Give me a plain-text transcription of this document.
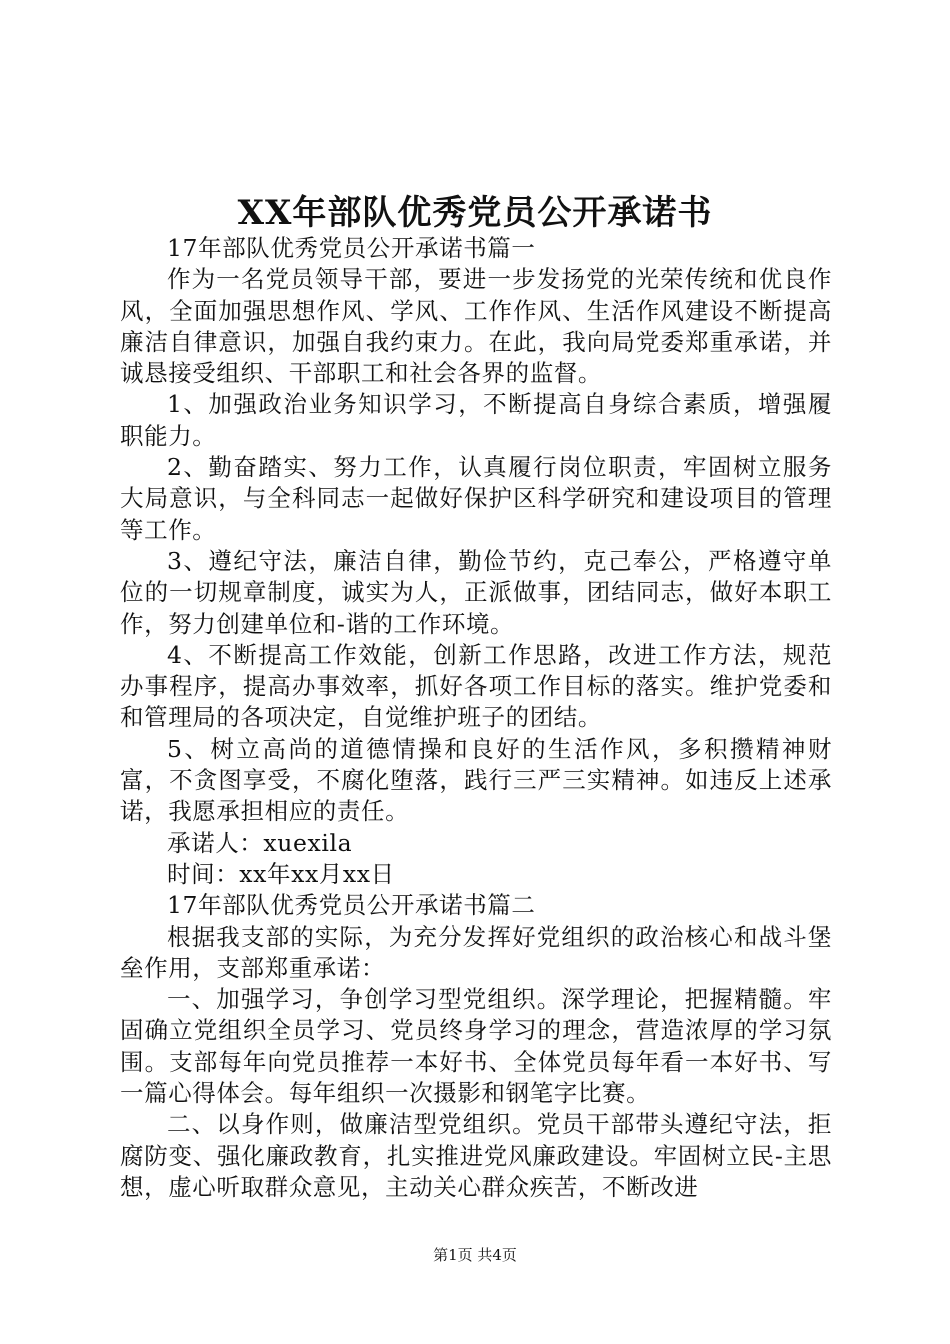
XX年部队优秀党员公开承诺书

17年部队优秀党员公开承诺书篇一

作为一名党员领导干部，要进一步发扬党的光荣传统和优良作风，全面加强思想作风、学风、工作作风、生活作风建设不断提高廉洁自律意识，加强自我约束力。在此，我向局党委郑重承诺，并诚恳接受组织、干部职工和社会各界的监督。

1、加强政治业务知识学习，不断提高自身综合素质，增强履职能力。

2、勤奋踏实、努力工作，认真履行岗位职责，牢固树立服务大局意识，与全科同志一起做好保护区科学研究和建设项目的管理等工作。

3、遵纪守法，廉洁自律，勤俭节约，克己奉公，严格遵守单位的一切规章制度，诚实为人，正派做事，团结同志，做好本职工作，努力创建单位和-谐的工作环境。

4、不断提高工作效能，创新工作思路，改进工作方法，规范办事程序，提高办事效率，抓好各项工作目标的落实。维护党委和和管理局的各项决定，自觉维护班子的团结。

5、树立高尚的道德情操和良好的生活作风，多积攒精神财富，不贪图享受，不腐化堕落，践行三严三实精神。如违反上述承诺，我愿承担相应的责任。

承诺人：xuexila

时间：xx年xx月xx日

17年部队优秀党员公开承诺书篇二

根据我支部的实际，为充分发挥好党组织的政治核心和战斗堡垒作用，支部郑重承诺：

一、加强学习，争创学习型党组织。深学理论，把握精髓。牢固确立党组织全员学习、党员终身学习的理念，营造浓厚的学习氛围。支部每年向党员推荐一本好书、全体党员每年看一本好书、写一篇心得体会。每年组织一次摄影和钢笔字比赛。

二、以身作则，做廉洁型党组织。党员干部带头遵纪守法，拒腐防变、强化廉政教育，扎实推进党风廉政建设。牢固树立民-主思想，虚心听取群众意见，主动关心群众疾苦，不断改进

第1页 共4页
